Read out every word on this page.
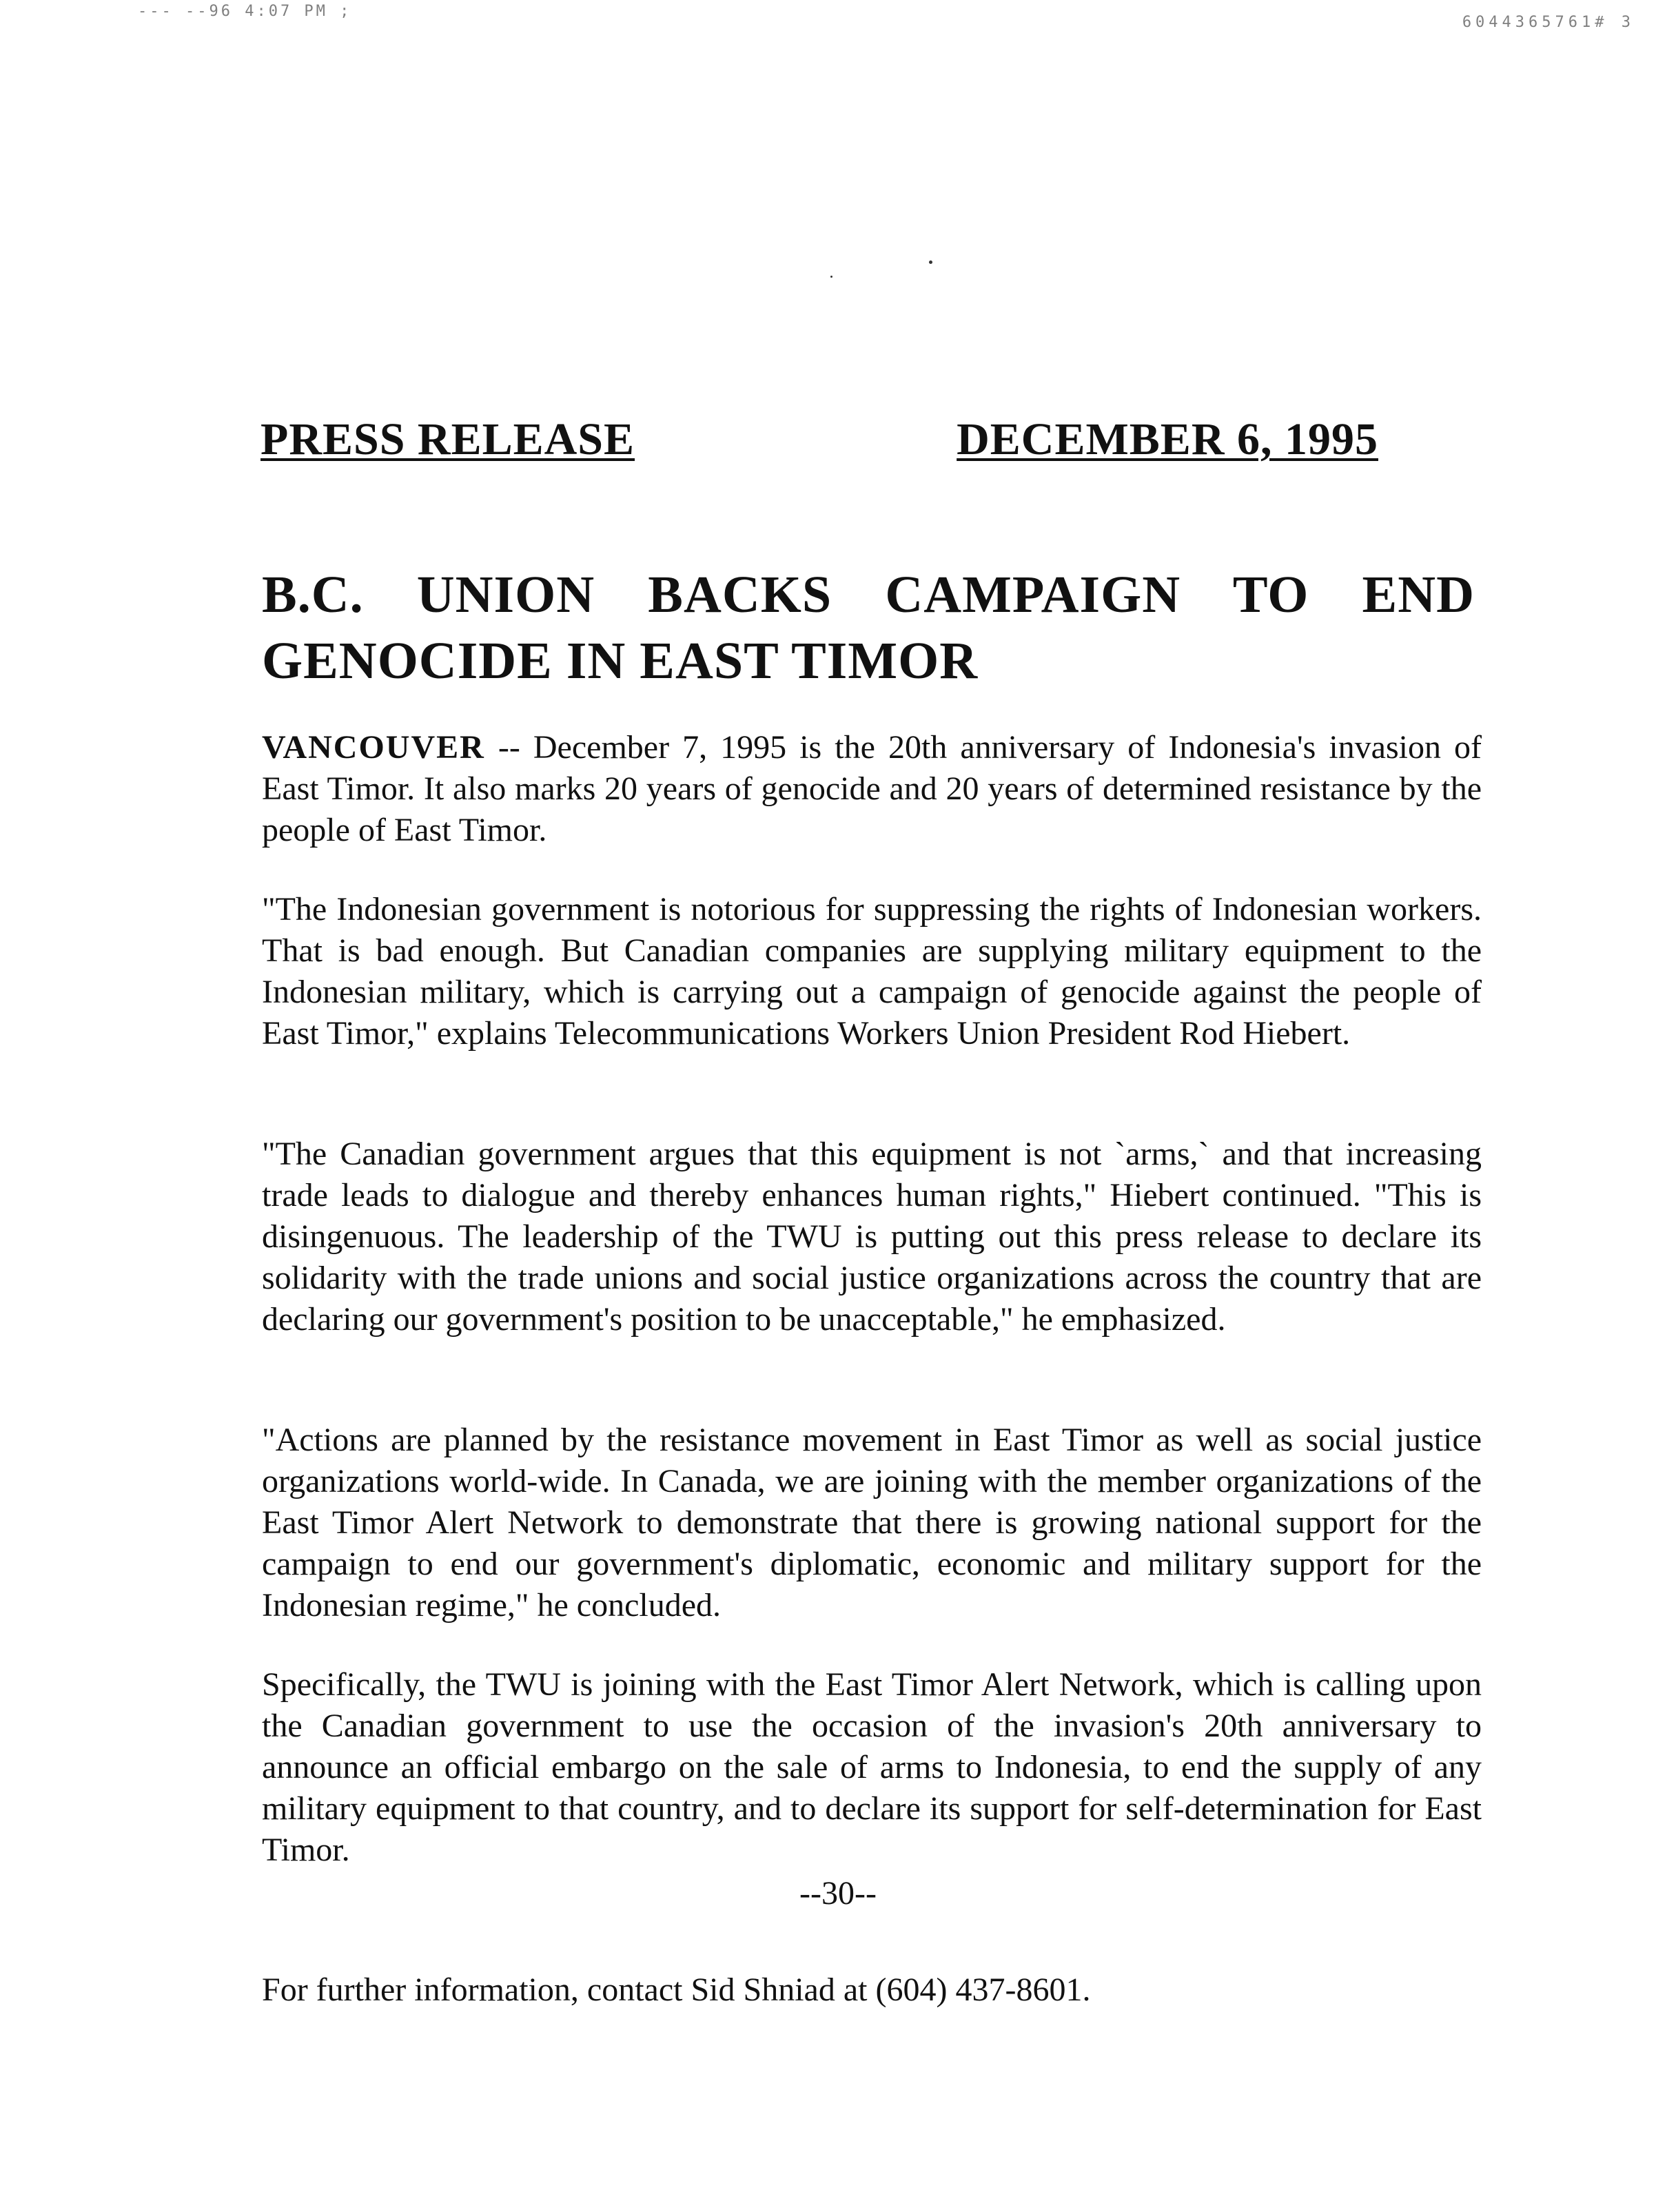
--- --96 4:07 PM ;
6044365761# 3
PRESS RELEASE	DECEMBER 6, 1995
B.C. UNION BACKS CAMPAIGN TO END GENOCIDE IN EAST TIMOR
VANCOUVER -- December 7, 1995 is the 20th anniversary of Indonesia's invasion of East Timor. It also marks 20 years of genocide and 20 years of determined resistance by the people of East Timor.
"The Indonesian government is notorious for suppressing the rights of Indonesian workers. That is bad enough. But Canadian companies are supplying military equipment to the Indonesian military, which is carrying out a campaign of genocide against the people of East Timor," explains Telecommunications Workers Union President Rod Hiebert.
"The Canadian government argues that this equipment is not `arms,` and that increasing trade leads to dialogue and thereby enhances human rights," Hiebert continued. "This is disingenuous. The leadership of the TWU is putting out this press release to declare its solidarity with the trade unions and social justice organizations across the country that are declaring our government's position to be unacceptable," he emphasized.
"Actions are planned by the resistance movement in East Timor as well as social justice organizations world-wide. In Canada, we are joining with the member organizations of the East Timor Alert Network to demonstrate that there is growing national support for the campaign to end our government's diplomatic, economic and military support for the Indonesian regime," he concluded.
Specifically, the TWU is joining with the East Timor Alert Network, which is calling upon the Canadian government to use the occasion of the invasion's 20th anniversary to announce an official embargo on the sale of arms to Indonesia, to end the supply of any military equipment to that country, and to declare its support for self-determination for East Timor.
--30--
For further information, contact Sid Shniad at (604) 437-8601.
